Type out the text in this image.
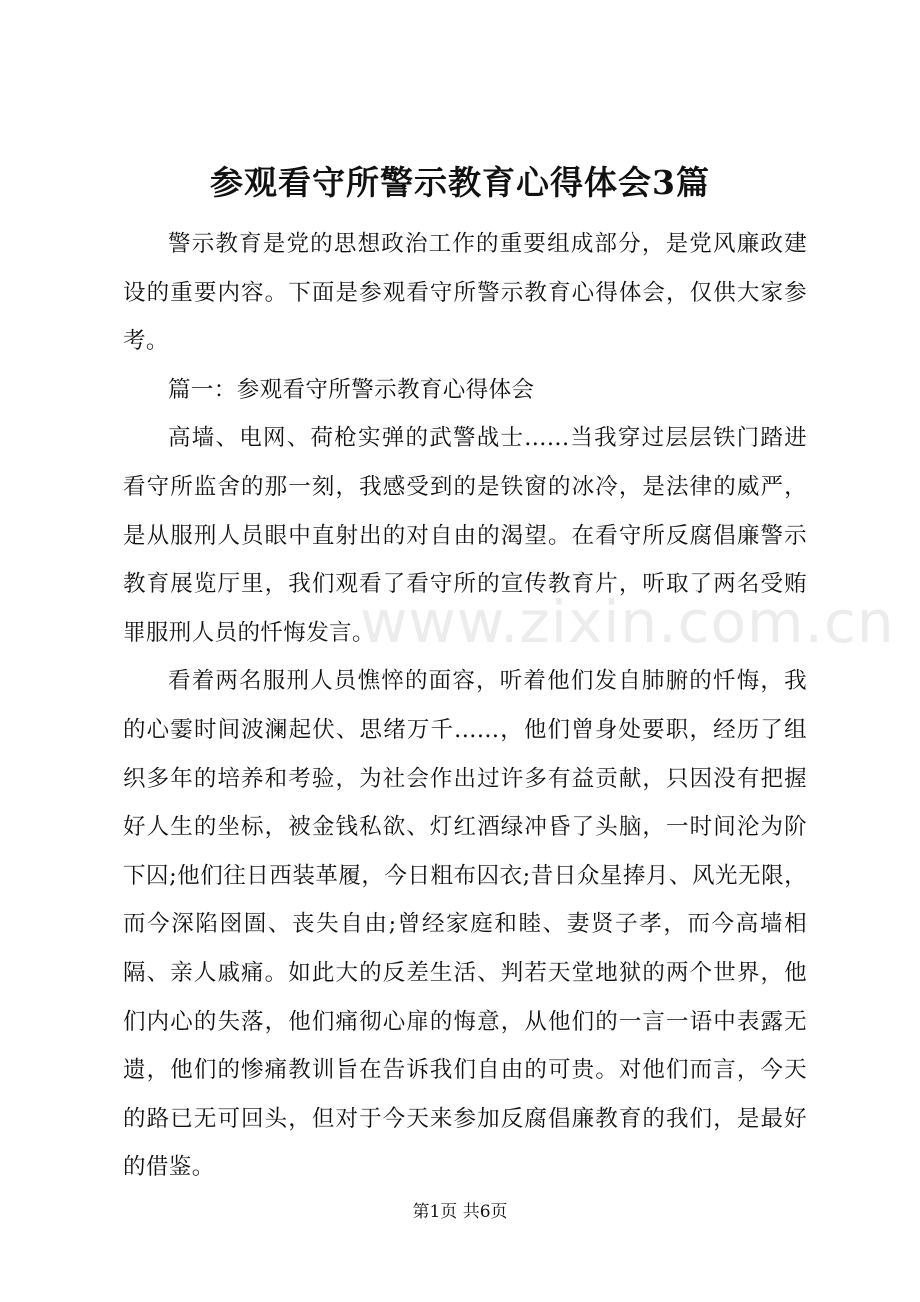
参观看守所警示教育心得体会3篇

警示教育是党的思想政治工作的重要组成部分，是党风廉政建设的重要内容。下面是参观看守所警示教育心得体会，仅供大家参考。

篇一：参观看守所警示教育心得体会

高墙、电网、荷枪实弹的武警战士......当我穿过层层铁门踏进看守所监舍的那一刻，我感受到的是铁窗的冰冷，是法律的威严，是从服刑人员眼中直射出的对自由的渴望。在看守所反腐倡廉警示教育展览厅里，我们观看了看守所的宣传教育片，听取了两名受贿罪服刑人员的忏悔发言。

看着两名服刑人员憔悴的面容，听着他们发自肺腑的忏悔，我的心霎时间波澜起伏、思绪万千......，他们曾身处要职，经历了组织多年的培养和考验，为社会作出过许多有益贡献，只因没有把握好人生的坐标，被金钱私欲、灯红酒绿冲昏了头脑，一时间沦为阶下囚;他们往日西装革履，今日粗布囚衣;昔日众星捧月、风光无限，而今深陷囹圄、丧失自由;曾经家庭和睦、妻贤子孝，而今高墙相隔、亲人戚痛。如此大的反差生活、判若天堂地狱的两个世界，他们内心的失落，他们痛彻心扉的悔意，从他们的一言一语中表露无遗，他们的惨痛教训旨在告诉我们自由的可贵。对他们而言，今天的路已无可回头，但对于今天来参加反腐倡廉教育的我们，是最好的借鉴。

www.zixin.com.cn
第1页 共6页
